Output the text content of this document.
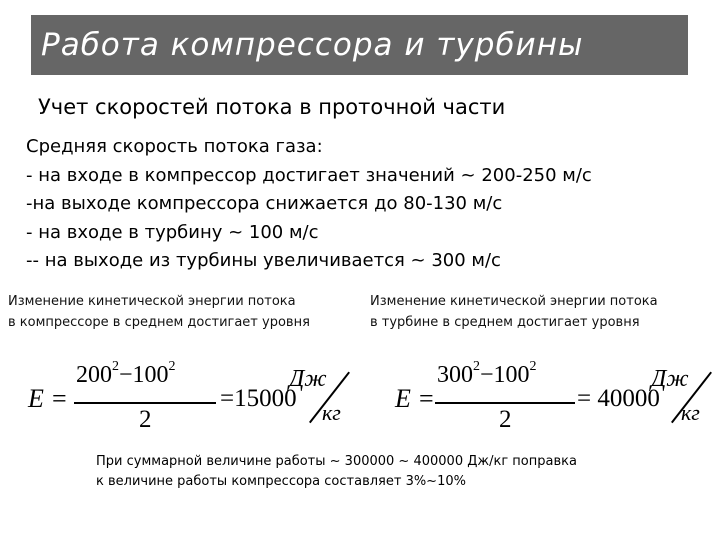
Работа компрессора и турбины
Учет скоростей потока в проточной части
Средняя скорость потока газа:
- на входе в компрессор достигает значений ~ 200-250 м/с
-на выходе компрессора снижается до 80-130 м/с
- на входе в турбину ~ 100 м/с
-- на выходе из турбины увеличивается ~ 300 м/с
Изменение кинетической энергии потока
в компрессоре в среднем достигает уровня
Изменение кинетической энергии потока
в турбине в среднем достигает уровня
E =
$200^2-100^2$
2
=15000
Дж
кг E =
$300^2-100^2$
2
= 40000
Дж
кг
При суммарной величине работы ~ 300000 ~ 400000 Дж/кг поправка
к величине работы компрессора составляет 3%~10%
